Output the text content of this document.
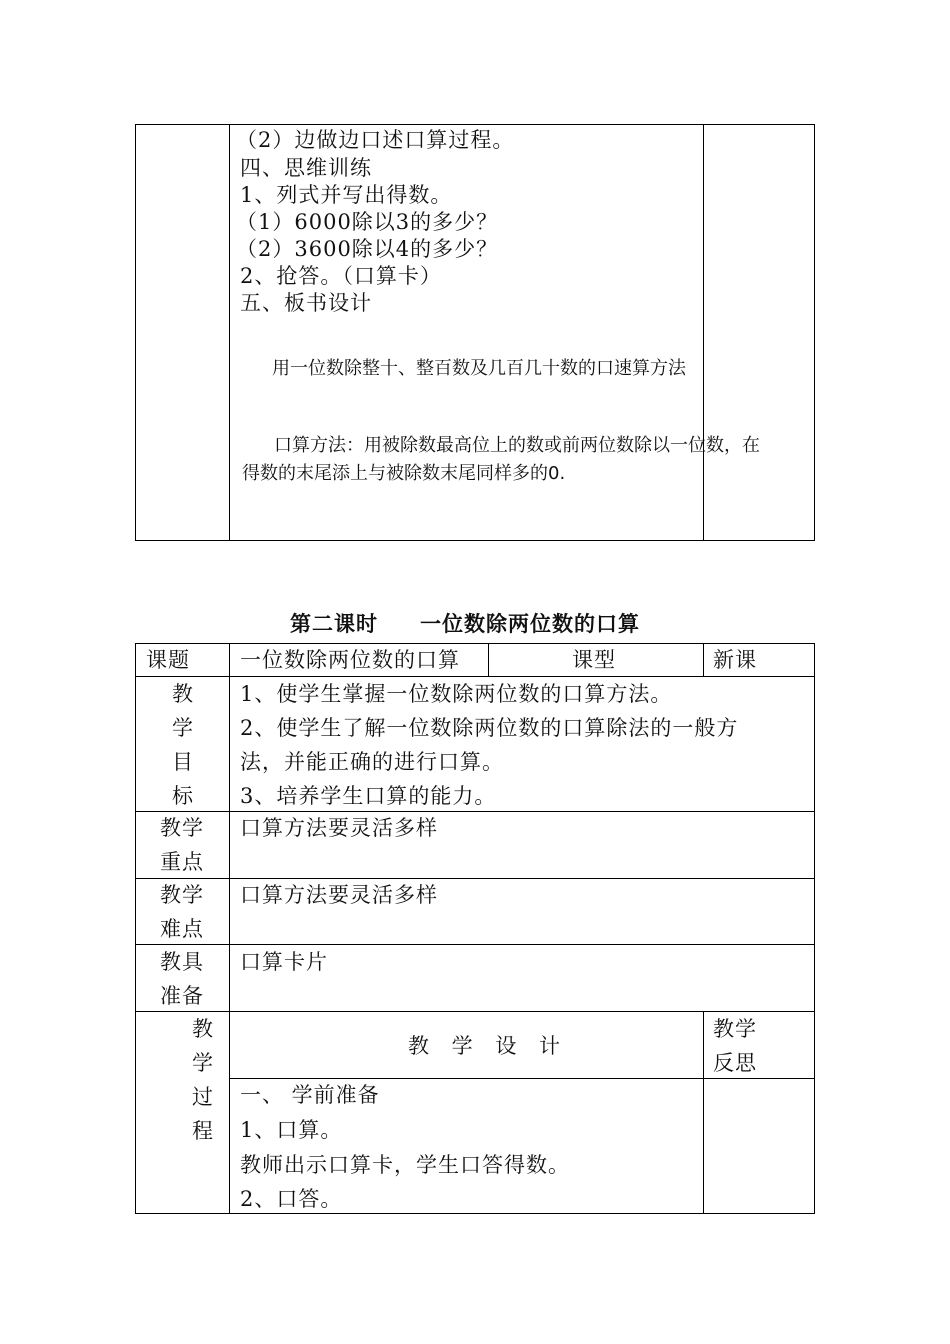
（2）边做边口述口算过程。
四、思维训练
1、列式并写出得数。
（1）6000除以3的多少？
（2）3600除以4的多少？
2、抢答。（口算卡）
五、板书设计
用一位数除整十、整百数及几百几十数的口速算方法
口算方法：用被除数最高位上的数或前两位数除以一位数，在
得数的末尾添上与被除数末尾同样多的0.
第二课时 一位数除两位数的口算
课题 一位数除两位数的口算	课型	新课
教
学
目
标
1、使学生掌握一位数除两位数的口算方法。
2、使学生了解一位数除两位数的口算除法的一般方
法，并能正确的进行口算。
3、培养学生口算的能力。
教学
重点
口算方法要灵活多样
教学
难点
口算方法要灵活多样
教具
准备
口算卡片
教
学
过
程
教 学 设 计
教学
反思
一、 学前准备
1、口算。
教师出示口算卡，学生口答得数。
2、口答。
